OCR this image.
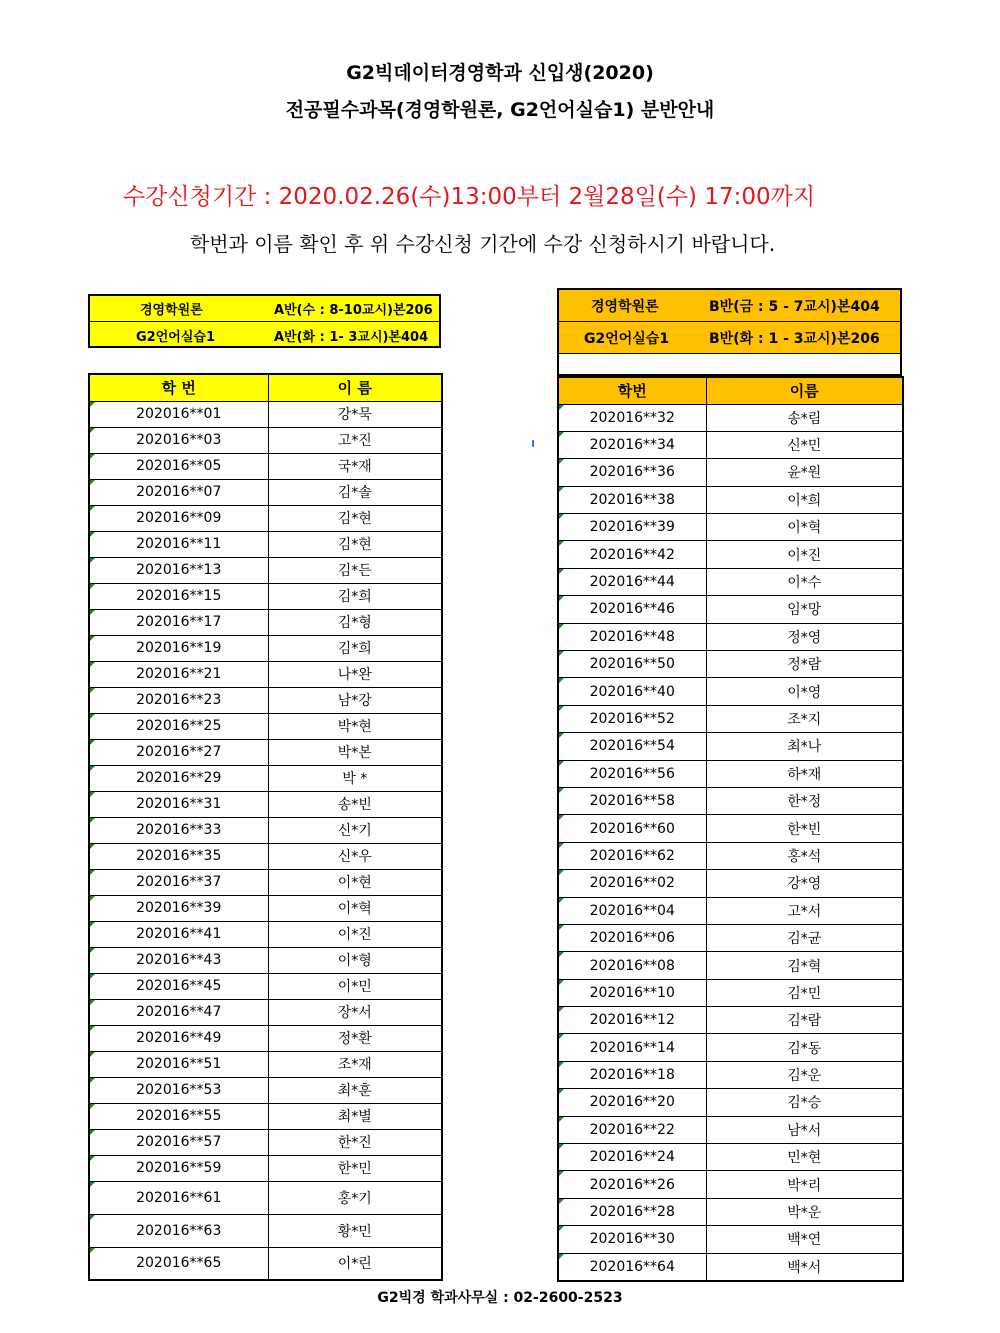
G2빅데이터경영학과 신입생(2020)
전공필수과목(경영학원론, G2언어실습1) 분반안내
수강신청기간 : 2020.02.26(수)13:00부터 2월28일(수) 17:00까지
학번과 이름 확인 후 위 수강신청 기간에 수강 신청하시기 바랍니다.
경영학원론	A반(수 : 8-10교시)본206
G2언어실습1	A반(화 : 1- 3교시)본404
경영학원론	B반(금 : 5 - 7교시)본404
G2언어실습1	B반(화 : 1 - 3교시)본206
학 번	이 름
202016**01	강*묵
202016**03	고*진
202016**05	국*재
202016**07	김*솔
202016**09	김*현
202016**11	김*현
202016**13	김*든
202016**15	김*희
202016**17	김*형
202016**19	김*희
202016**21	나*완
202016**23	남*강
202016**25	박*현
202016**27	박*본
202016**29	박 *
202016**31	송*빈
202016**33	신*기
202016**35	신*우
202016**37	이*현
202016**39	이*혁
202016**41	이*진
202016**43	이*형
202016**45	이*민
202016**47	장*서
202016**49	정*환
202016**51	조*재
202016**53	최*훈
202016**55	최*별
202016**57	한*진
202016**59	한*민
202016**61	홍*기
202016**63	황*민
202016**65	이*린
학번	이름
202016**32	송*림
202016**34	신*민
202016**36	윤*원
202016**38	이*희
202016**39	이*혁
202016**42	이*진
202016**44	이*수
202016**46	임*망
202016**48	정*영
202016**50	정*람
202016**40	이*영
202016**52	조*지
202016**54	최*나
202016**56	하*재
202016**58	한*정
202016**60	한*빈
202016**62	홍*석
202016**02	강*영
202016**04	고*서
202016**06	김*균
202016**08	김*혁
202016**10	김*민
202016**12	김*람
202016**14	김*동
202016**18	김*운
202016**20	김*승
202016**22	남*서
202016**24	민*현
202016**26	박*리
202016**28	박*운
202016**30	백*연
202016**64	백*서
G2빅경 학과사무실 : 02-2600-2523
